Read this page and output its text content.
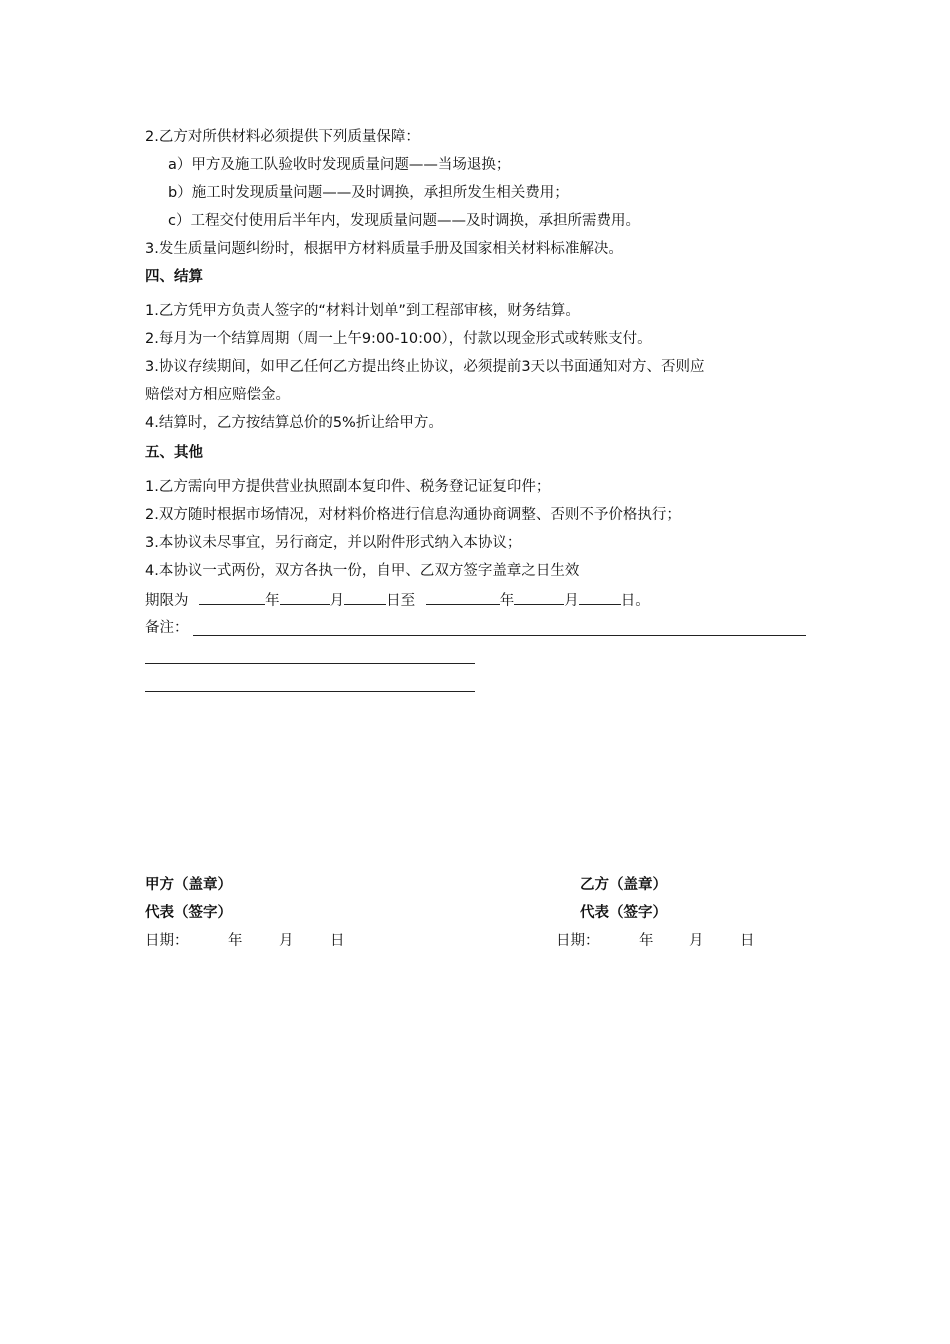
2.乙方对所供材料必须提供下列质量保障：
a）甲方及施工队验收时发现质量问题——当场退换；
b）施工时发现质量问题——及时调换，承担所发生相关费用；
c）工程交付使用后半年内，发现质量问题——及时调换，承担所需费用。
3.发生质量问题纠纷时，根据甲方材料质量手册及国家相关材料标准解决。
四、结算
1.乙方凭甲方负责人签字的“材料计划单”到工程部审核，财务结算。
2.每月为一个结算周期（周一上午9:00-10:00），付款以现金形式或转账支付。
3.协议存续期间，如甲乙任何乙方提出终止协议，必须提前3天以书面通知对方、否则应
赔偿对方相应赔偿金。
4.结算时，乙方按结算总价的5%折让给甲方。
五、其他
1.乙方需向甲方提供营业执照副本复印件、税务登记证复印件；
2.双方随时根据市场情况，对材料价格进行信息沟通协商调整、否则不予价格执行；
3.本协议未尽事宜，另行商定，并以附件形式纳入本协议；
4.本协议一式两份，双方各执一份，自甲、乙双方签字盖章之日生效
期限为	年	月	日至	年	月	日。
备注：
甲方（盖章）
代表（签字）
日期：	年	月	日
乙方（盖章）
代表（签字）
日期：	年 月	日
